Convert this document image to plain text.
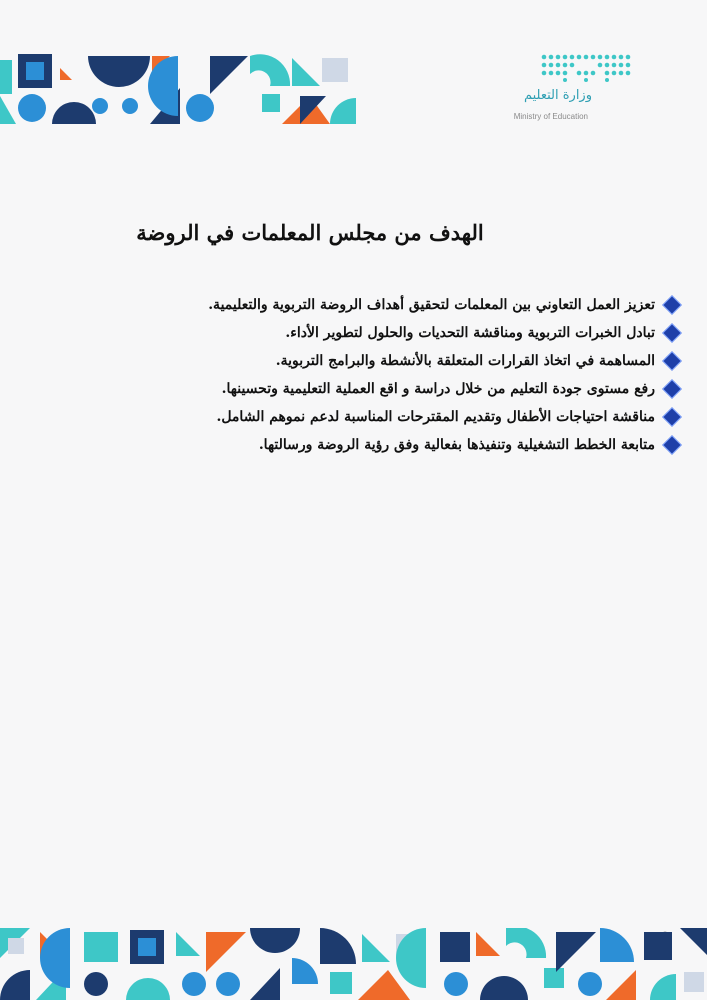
وزارة التعليم
Ministry of Education
الهدف من مجلس المعلمات في الروضة
تعزيز العمل التعاوني بين المعلمات لتحقيق أهداف الروضة التربوية والتعليمية.
تبادل الخبرات التربوية ومناقشة التحديات والحلول لتطوير الأداء.
المساهمة في اتخاذ القرارات المتعلقة بالأنشطة والبرامج التربوية.
رفع مستوى جودة التعليم من خلال دراسة و اقع العملية التعليمية وتحسينها.
مناقشة احتياجات الأطفال وتقديم المقترحات المناسبة لدعم نموهم الشامل.
متابعة الخطط التشغيلية وتنفيذها بفعالية وفق رؤية الروضة ورسالتها.
